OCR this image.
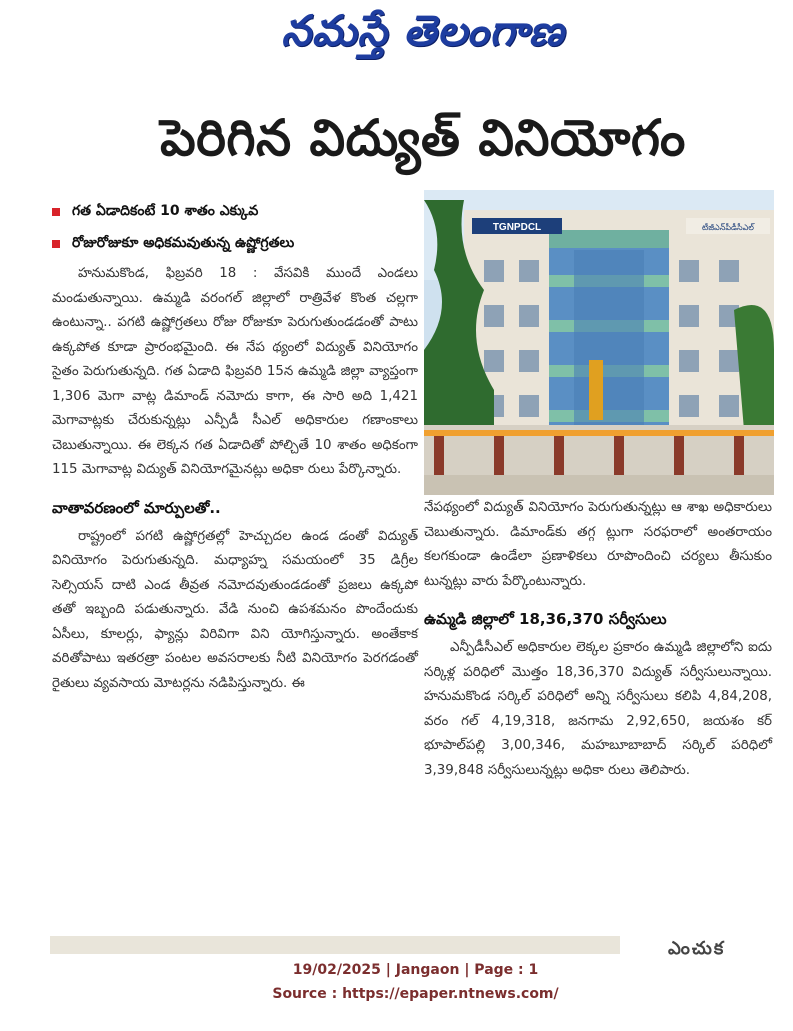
నమస్తే తెలంగాణ
పెరిగిన విద్యుత్ వినియోగం
గత ఏడాదికంటే 10 శాతం ఎక్కువ
రోజురోజుకూ అధికమవుతున్న ఉష్ణోగ్రతలు

హనుమకొండ, ఫిబ్రవరి 18 : వేసవికి ముందే ఎండలు మండుతున్నాయి. ఉమ్మడి వరంగల్ జిల్లాలో రాత్రివేళ కొంత చల్లగా ఉంటున్నా.. పగటి ఉష్ణోగ్రతలు రోజు రోజుకూ పెరుగుతుండడంతో పాటు ఉక్కపోత కూడా ప్రారంభమైంది. ఈ నేప థ్యంలో విద్యుత్ వినియోగం సైతం పెరుగుతున్నది. గత ఏడాది ఫిబ్రవరి 15న ఉమ్మడి జిల్లా వ్యాప్తంగా 1,306 మెగా వాట్ల డిమాండ్ నమోదు కాగా, ఈ సారి అది 1,421 మెగావాట్లకు చేరుకున్నట్లు ఎన్పీడీ సీఎల్ అధికారుల గణాంకాలు చెబుతున్నాయి. ఈ లెక్కన గత ఏడాదితో పోల్చితే 10 శాతం అధికంగా 115 మెగావాట్ల విద్యుత్ వినియోగమైనట్లు అధికా రులు పేర్కొన్నారు.

వాతావరణంలో మార్పులతో..

రాష్ట్రంలో పగటి ఉష్ణోగ్రతల్లో హెచ్చుదల ఉండ డంతో విద్యుత్ వినియోగం పెరుగుతున్నది. మధ్యాహ్న సమయంలో 35 డిగ్రీల సెల్సియస్ దాటి ఎండ తీవ్రత నమోదవుతుండడంతో ప్రజలు ఉక్కపో తతో ఇబ్బంది పడుతున్నారు. వేడి నుంచి ఉపశమనం పొందేందుకు ఏసీలు, కూలర్లు, ఫ్యాన్లు విరివిగా విని యోగిస్తున్నారు. అంతేకాక వరితోపాటు ఇతరత్రా పంటల అవసరాలకు నీటి వినియోగం పెరగడంతో రైతులు వ్యవసాయ మోటర్లను నడిపిస్తున్నారు. ఈ

TGNPDCL	టీజీఎన్‌పీడీసీఎల్

నేపథ్యంలో విద్యుత్ వినియోగం పెరుగుతున్నట్లు ఆ శాఖ అధికారులు చెబుతున్నారు. డిమాండ్‌కు తగ్గ ట్లుగా సరఫరాలో అంతరాయం కలగకుండా ఉండేలా ప్రణాళికలు రూపొందించి చర్యలు తీసుకుం టున్నట్లు వారు పేర్కొంటున్నారు.

ఉమ్మడి జిల్లాలో 18,36,370 సర్వీసులు

ఎన్పీడీసీఎల్ అధికారుల లెక్కల ప్రకారం ఉమ్మడి జిల్లాలోని ఐదు సర్కిళ్ల పరిధిలో మొత్తం 18,36,370 విద్యుత్ సర్వీసులున్నాయి. హనుమకొండ సర్కిల్ పరిధిలో అన్ని సర్వీసులు కలిపి 4,84,208, వరం గల్ 4,19,318, జనగామ 2,92,650, జయశం కర్ భూపాల్‌పల్లి 3,00,346, మహబూబాబాద్ సర్కిల్ పరిధిలో 3,39,848 సర్వీసులున్నట్లు అధికా రులు తెలిపారు.

ఎంచుక
19/02/2025 | Jangaon | Page : 1
Source : https://epaper.ntnews.com/
